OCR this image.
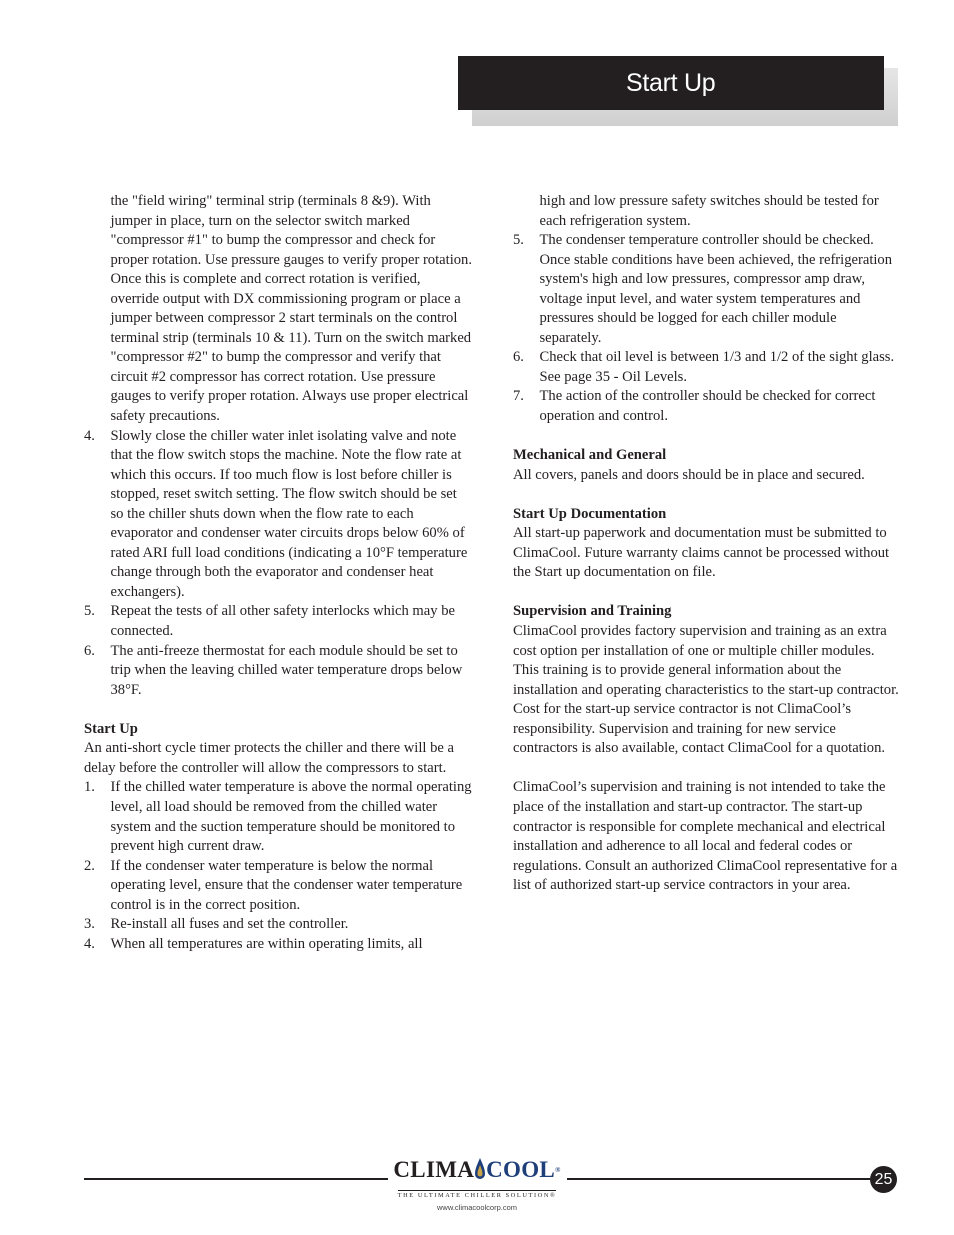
Start Up

the "field wiring" terminal strip (terminals 8 &9). With jumper in place, turn on the selector switch marked "compressor #1" to bump the compressor and check for proper rotation. Use pressure gauges to verify proper rotation. Once this is complete and correct rotation is verified, override output with DX commissioning program or place a jumper between compressor 2 start terminals on the control terminal strip (terminals 10 & 11). Turn on the switch marked "compressor #2" to bump the compressor and verify that circuit #2 compressor has correct rotation. Use pressure gauges to verify proper rotation. Always use proper electrical safety precautions.

4. Slowly close the chiller water inlet isolating valve and note that the flow switch stops the machine. Note the flow rate at which this occurs. If too much flow is lost before chiller is stopped, reset switch setting. The flow switch should be set so the chiller shuts down when the flow rate to each evaporator and condenser water circuits drops below 60% of rated ARI full load conditions (indicating a 10°F temperature change through both the evaporator and condenser heat exchangers).
5. Repeat the tests of all other safety interlocks which may be connected.
6. The anti-freeze thermostat for each module should be set to trip when the leaving chilled water temperature drops below 38°F.

Start Up

An anti-short cycle timer protects the chiller and there will be a delay before the controller will allow the compressors to start.

1. If the chilled water temperature is above the normal operating level, all load should be removed from the chilled water system and the suction temperature should be monitored to prevent high current draw.
2. If the condenser water temperature is below the normal operating level, ensure that the condenser water temperature control is in the correct position.
3. Re-install all fuses and set the controller.
4. When all temperatures are within operating limits, all

high and low pressure safety switches should be tested for each refrigeration system.

5. The condenser temperature controller should be checked. Once stable conditions have been achieved, the refrigeration system's high and low pressures, compressor amp draw, voltage input level, and water system temperatures and pressures should be logged for each chiller module separately.
6. Check that oil level is between 1/3 and 1/2 of the sight glass. See page 35 - Oil Levels.
7. The action of the controller should be checked for correct operation and control.

Mechanical and General

All covers, panels and doors should be in place and secured.

Start Up Documentation

All start-up paperwork and documentation must be submitted to ClimaCool. Future warranty claims cannot be processed without the Start up documentation on file.

Supervision and Training

ClimaCool provides factory supervision and training as an extra cost option per installation of one or multiple chiller modules. This training is to provide general information about the installation and operating characteristics to the start-up contractor. Cost for the start-up service contractor is not ClimaCool’s responsibility. Supervision and training for new service contractors is also available, contact ClimaCool for a quotation.

ClimaCool’s supervision and training is not intended to take the place of the installation and start-up contractor. The start-up contractor is responsible for complete mechanical and electrical installation and adherence to all local and federal codes or regulations. Consult an authorized ClimaCool representative for a list of authorized start-up service contractors in your area.

CLIMA COOL ®
THE ULTIMATE CHILLER SOLUTION®
www.climacoolcorp.com
25
